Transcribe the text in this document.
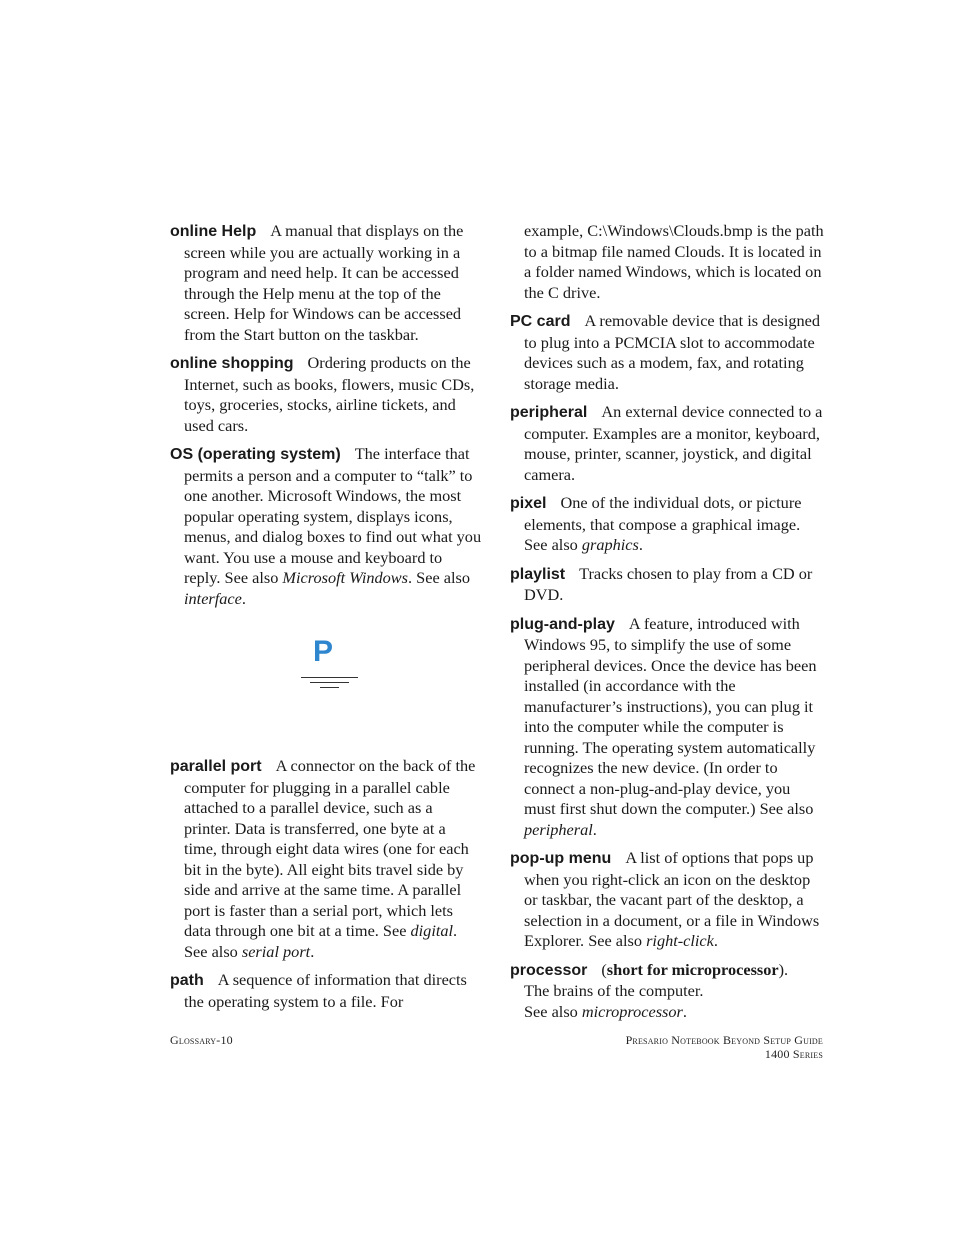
online Help A manual that displays on the screen while you are actually working in a program and need help. It can be accessed through the Help menu at the top of the screen. Help for Windows can be accessed from the Start button on the taskbar.

online shopping Ordering products on the Internet, such as books, flowers, music CDs, toys, groceries, stocks, airline tickets, and used cars.

OS (operating system) The interface that permits a person and a computer to “talk” to one another. Microsoft Windows, the most popular operating system, displays icons, menus, and dialog boxes to find out what you want. You use a mouse and keyboard to reply. See also Microsoft Windows. See also interface.

P

parallel port A connector on the back of the computer for plugging in a parallel cable attached to a parallel device, such as a printer. Data is transferred, one byte at a time, through eight data wires (one for each bit in the byte). All eight bits travel side by side and arrive at the same time. A parallel port is faster than a serial port, which lets data through one bit at a time. See digital. See also serial port.

path A sequence of information that directs the operating system to a file. For

example, C:\Windows\Clouds.bmp is the path to a bitmap file named Clouds. It is located in a folder named Windows, which is located on the C drive.

PC card A removable device that is designed to plug into a PCMCIA slot to accommodate devices such as a modem, fax, and rotating storage media.

peripheral An external device connected to a computer. Examples are a monitor, keyboard, mouse, printer, scanner, joystick, and digital camera.

pixel One of the individual dots, or picture elements, that compose a graphical image. See also graphics.

playlist Tracks chosen to play from a CD or DVD.

plug-and-play A feature, introduced with Windows 95, to simplify the use of some peripheral devices. Once the device has been installed (in accordance with the manufacturer’s instructions), you can plug it into the computer while the computer is running. The operating system automatically recognizes the new device. (In order to connect a non-plug-and-play device, you must first shut down the computer.) See also peripheral.

pop-up menu A list of options that pops up when you right-click an icon on the desktop or taskbar, the vacant part of the desktop, a selection in a document, or a file in Windows Explorer. See also right-click.

processor (short for microprocessor).
The brains of the computer.
See also microprocessor.

Glossary-10	Presario Notebook Beyond Setup Guide
1400 Series
